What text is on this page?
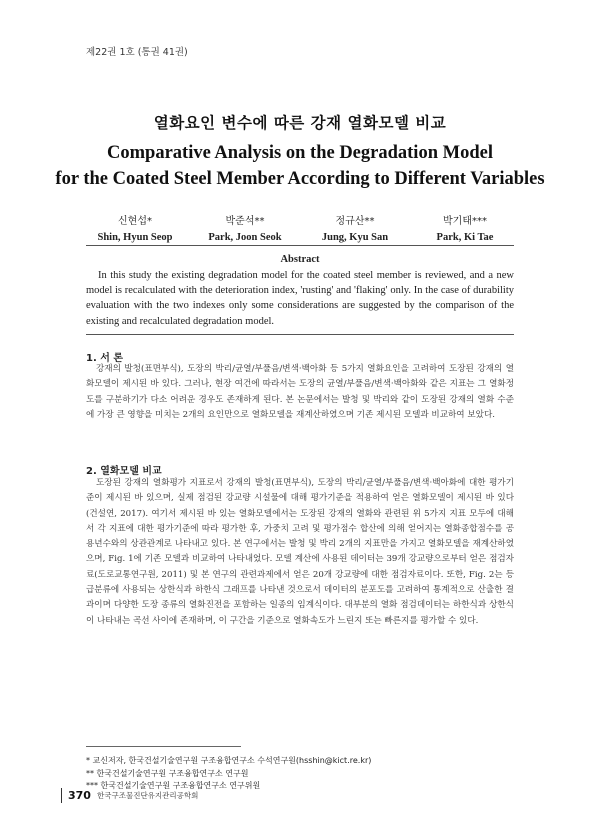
제22권 1호 (통권 41권)
열화요인 변수에 따른 강재 열화모델 비교
Comparative Analysis on the Degradation Model
for the Coated Steel Member According to Different Variables
신현섭*
Shin, Hyun Seop
박준석**
Park, Joon Seok
정규산**
Jung, Kyu San
박기태***
Park, Ki Tae
Abstract
In this study the existing degradation model for the coated steel member is reviewed, and a new model is recalculated with the deterioration index, 'rusting' and 'flaking' only. In the case of durability evaluation with the two indexes only some considerations are suggested by the comparison of the existing and recalculated degradation model.
1. 서 론
강재의 발청(표면부식), 도장의 박리/균열/부풀음/변색·백아화 등 5가지 열화요인을 고려하여 도장된 강재의 열화모델이 제시된 바 있다. 그러나, 현장 여건에 따라서는 도장의 균열/부풀음/변색·백아화와 같은 지표는 그 열화정도를 구분하기가 다소 어려운 경우도 존재하게 된다. 본 논문에서는 발청 및 박리와 같이 도장된 강재의 열화 수준에 가장 큰 영향을 미치는 2개의 요인만으로 열화모델을 재계산하였으며 기존 제시된 모델과 비교하여 보았다.
2. 열화모델 비교
도장된 강재의 열화평가 지표로서 강재의 발청(표면부식), 도장의 박리/균열/부풀음/변색·백아화에 대한 평가기준이 제시된 바 있으며, 실제 점검된 강교량 시설물에 대해 평가기준을 적용하여 얻은 열화모델이 제시된 바 있다(건설연, 2017). 여기서 제시된 바 있는 열화모델에서는 도장된 강재의 열화와 관련된 위 5가지 지표 모두에 대해서 각 지표에 대한 평가기준에 따라 평가한 후, 가중치 고려 및 평가점수 합산에 의해 얻어지는 열화종합점수를 공용년수와의 상관관계로 나타내고 있다. 본 연구에서는 발청 및 박리 2개의 지표만을 가지고 열화모델을 재계산하였으며, Fig. 1에 기존 모델과 비교하여 나타내었다. 모델 계산에 사용된 데이터는 39개 강교량으로부터 얻은 점검자료(도로교통연구원, 2011) 및 본 연구의 관련과제에서 얻은 20개 강교량에 대한 점검자료이다. 또한, Fig. 2는 등급분류에 사용되는 상한식과 하한식 그래프를 나타낸 것으로서 데이터의 분포도를 고려하여 통계적으로 산출한 결과이며 다양한 도장 종류의 열화진전을 포함하는 일종의 임계식이다. 대부분의 열화 점검데이터는 하한식과 상한식이 나타내는 곡선 사이에 존재하며, 이 구간을 기준으로 열화속도가 느린지 또는 빠른지를 평가할 수 있다.
* 교신저자, 한국건설기술연구원 구조융합연구소 수석연구원(hsshin@kict.re.kr)
** 한국건설기술연구원 구조융합연구소 연구원
*** 한국건설기술연구원 구조융합연구소 연구위원
370 한국구조물진단유지관리공학회
